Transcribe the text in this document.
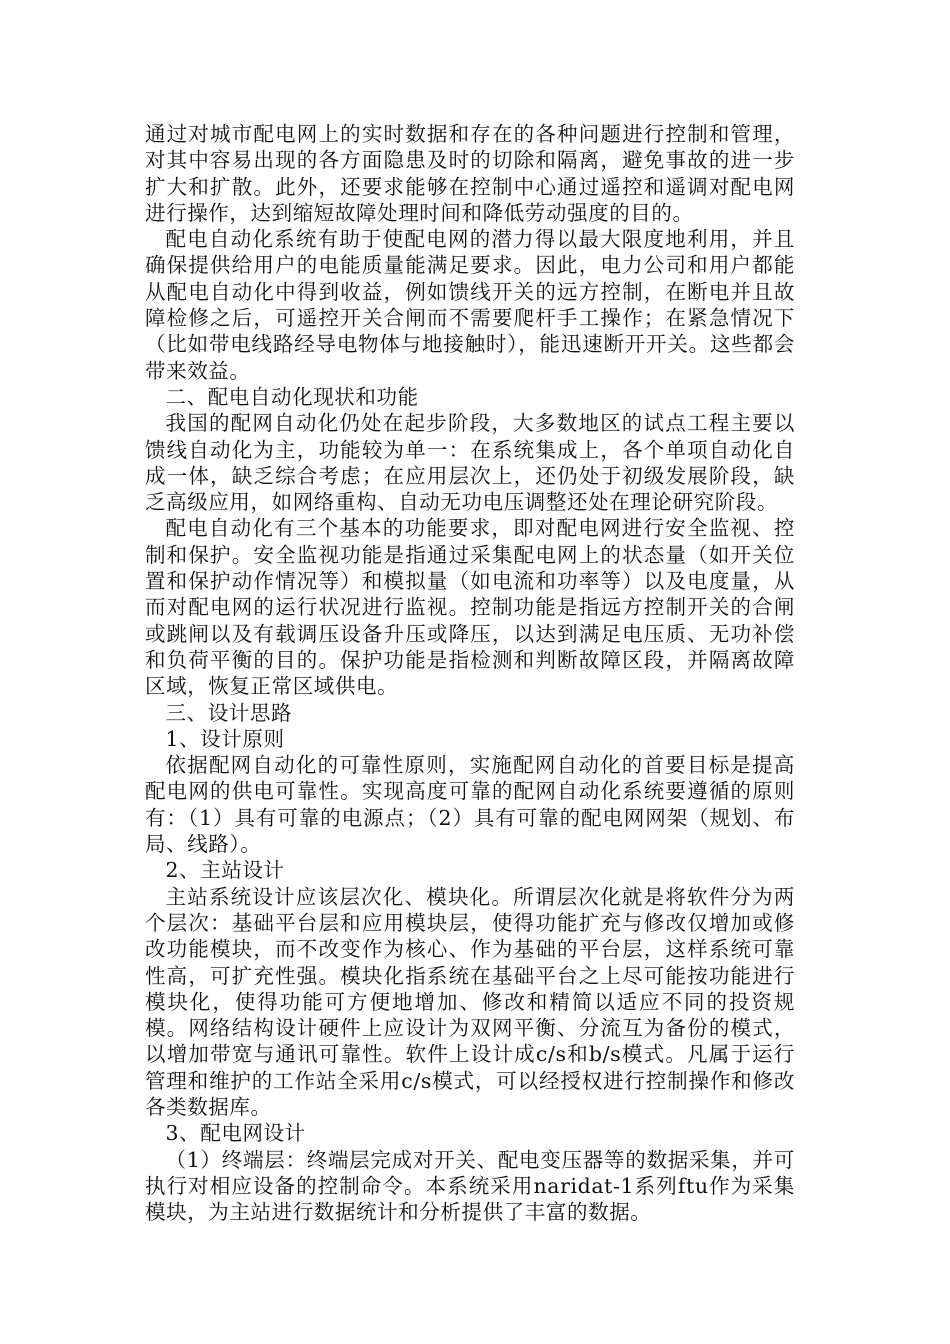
通过对城市配电网上的实时数据和存在的各种问题进行控制和管理，对其中容易出现的各方面隐患及时的切除和隔离，避免事故的进一步扩大和扩散。此外，还要求能够在控制中心通过遥控和遥调对配电网进行操作，达到缩短故障处理时间和降低劳动强度的目的。

配电自动化系统有助于使配电网的潜力得以最大限度地利用，并且确保提供给用户的电能质量能满足要求。因此，电力公司和用户都能从配电自动化中得到收益，例如馈线开关的远方控制，在断电并且故障检修之后，可遥控开关合闸而不需要爬杆手工操作；在紧急情况下（比如带电线路经导电物体与地接触时），能迅速断开开关。这些都会带来效益。

二、配电自动化现状和功能

我国的配网自动化仍处在起步阶段，大多数地区的试点工程主要以馈线自动化为主，功能较为单一：在系统集成上，各个单项自动化自成一体，缺乏综合考虑；在应用层次上，还仍处于初级发展阶段，缺乏高级应用，如网络重构、自动无功电压调整还处在理论研究阶段。

配电自动化有三个基本的功能要求，即对配电网进行安全监视、控制和保护。安全监视功能是指通过采集配电网上的状态量（如开关位置和保护动作情况等）和模拟量（如电流和功率等）以及电度量，从而对配电网的运行状况进行监视。控制功能是指远方控制开关的合闸或跳闸以及有载调压设备升压或降压，以达到满足电压质、无功补偿和负荷平衡的目的。保护功能是指检测和判断故障区段，并隔离故障区域，恢复正常区域供电。

三、设计思路

1、设计原则

依据配网自动化的可靠性原则，实施配网自动化的首要目标是提高配电网的供电可靠性。实现高度可靠的配网自动化系统要遵循的原则有：（1）具有可靠的电源点；（2）具有可靠的配电网网架（规划、布局、线路）。

2、主站设计

主站系统设计应该层次化、模块化。所谓层次化就是将软件分为两个层次：基础平台层和应用模块层，使得功能扩充与修改仅增加或修改功能模块，而不改变作为核心、作为基础的平台层，这样系统可靠性高，可扩充性强。模块化指系统在基础平台之上尽可能按功能进行模块化，使得功能可方便地增加、修改和精简以适应不同的投资规模。网络结构设计硬件上应设计为双网平衡、分流互为备份的模式，以增加带宽与通讯可靠性。软件上设计成c/s和b/s模式。凡属于运行管理和维护的工作站全采用c/s模式，可以经授权进行控制操作和修改各类数据库。

3、配电网设计

（1）终端层：终端层完成对开关、配电变压器等的数据采集，并可执行对相应设备的控制命令。本系统采用naridat-1系列ftu作为采集模块，为主站进行数据统计和分析提供了丰富的数据。
